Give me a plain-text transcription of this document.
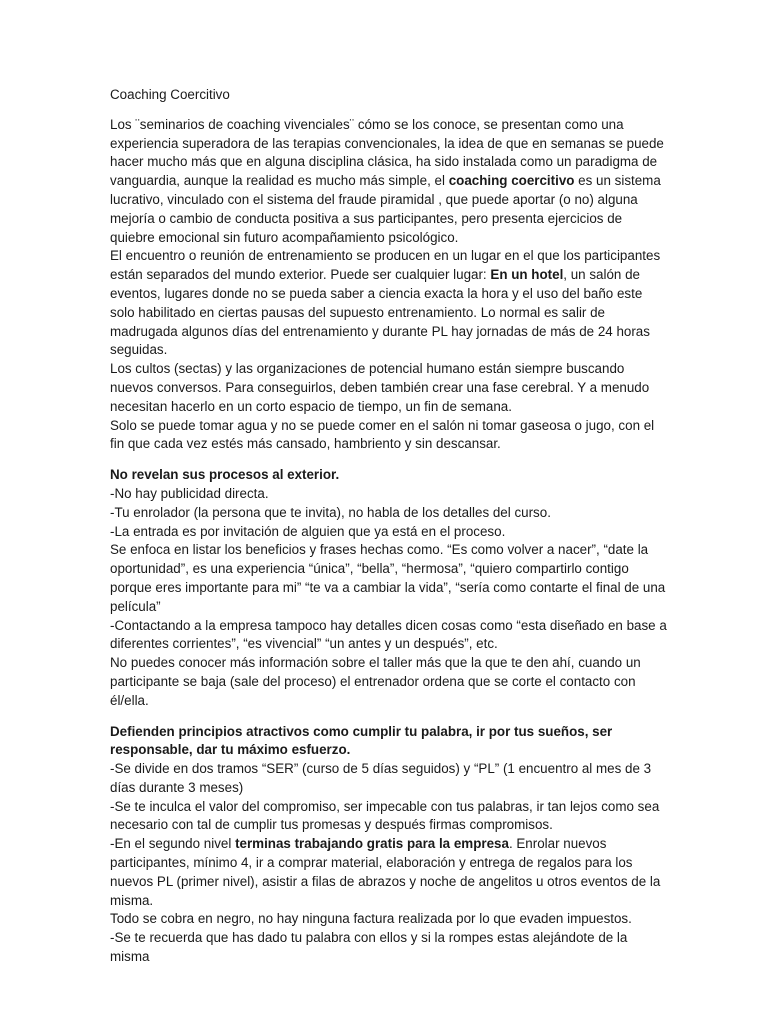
Coaching Coercitivo

Los ¨seminarios de coaching vivenciales¨ cómo se los conoce, se presentan como una experiencia superadora de las terapias convencionales, la idea de que en semanas se puede hacer mucho más que en alguna disciplina clásica, ha sido instalada como un paradigma de vanguardia, aunque la realidad es mucho más simple, el coaching coercitivo es un sistema lucrativo, vinculado con el sistema del fraude piramidal , que puede aportar (o no) alguna mejoría o cambio de conducta positiva a sus participantes, pero presenta ejercicios de quiebre emocional sin futuro acompañamiento psicológico.

El encuentro o reunión de entrenamiento se producen en un lugar en el que los participantes están separados del mundo exterior. Puede ser cualquier lugar: En un hotel, un salón de eventos, lugares donde no se pueda saber a ciencia exacta la hora y el uso del baño este solo habilitado en ciertas pausas del supuesto entrenamiento. Lo normal es salir de madrugada algunos días del entrenamiento y durante PL hay jornadas de más de 24 horas seguidas.

Los cultos (sectas) y las organizaciones de potencial humano están siempre buscando nuevos conversos. Para conseguirlos, deben también crear una fase cerebral. Y a menudo necesitan hacerlo en un corto espacio de tiempo, un fin de semana.

Solo se puede tomar agua y no se puede comer en el salón ni tomar gaseosa o jugo, con el fin que cada vez estés más cansado, hambriento y sin descansar.

No revelan sus procesos al exterior.

-No hay publicidad directa.

-Tu enrolador (la persona que te invita), no habla de los detalles del curso.

-La entrada es por invitación de alguien que ya está en el proceso.

Se enfoca en listar los beneficios y frases hechas como. “Es como volver a nacer”, “date la oportunidad”, es una experiencia “única”, “bella”, “hermosa”, “quiero compartirlo contigo porque eres importante para mi” “te va a cambiar la vida”, “sería como contarte el final de una película”

-Contactando a la empresa tampoco hay detalles dicen cosas como “esta diseñado en base a diferentes corrientes”, “es vivencial” “un antes y un después”, etc.

No puedes conocer más información sobre el taller más que la que te den ahí, cuando un participante se baja (sale del proceso) el entrenador ordena que se corte el contacto con él/ella.

Defienden principios atractivos como cumplir tu palabra, ir por tus sueños, ser responsable, dar tu máximo esfuerzo.

-Se divide en dos tramos “SER” (curso de 5 días seguidos) y “PL” (1 encuentro al mes de 3 días durante 3 meses)

-Se te inculca el valor del compromiso, ser impecable con tus palabras, ir tan lejos como sea necesario con tal de cumplir tus promesas y después firmas compromisos.

-En el segundo nivel terminas trabajando gratis para la empresa. Enrolar nuevos participantes, mínimo 4, ir a comprar material, elaboración y entrega de regalos para los nuevos PL (primer nivel), asistir a filas de abrazos y noche de angelitos u otros eventos de la misma.

Todo se cobra en negro, no hay ninguna factura realizada por lo que evaden impuestos.

-Se te recuerda que has dado tu palabra con ellos y si la rompes estas alejándote de la misma
